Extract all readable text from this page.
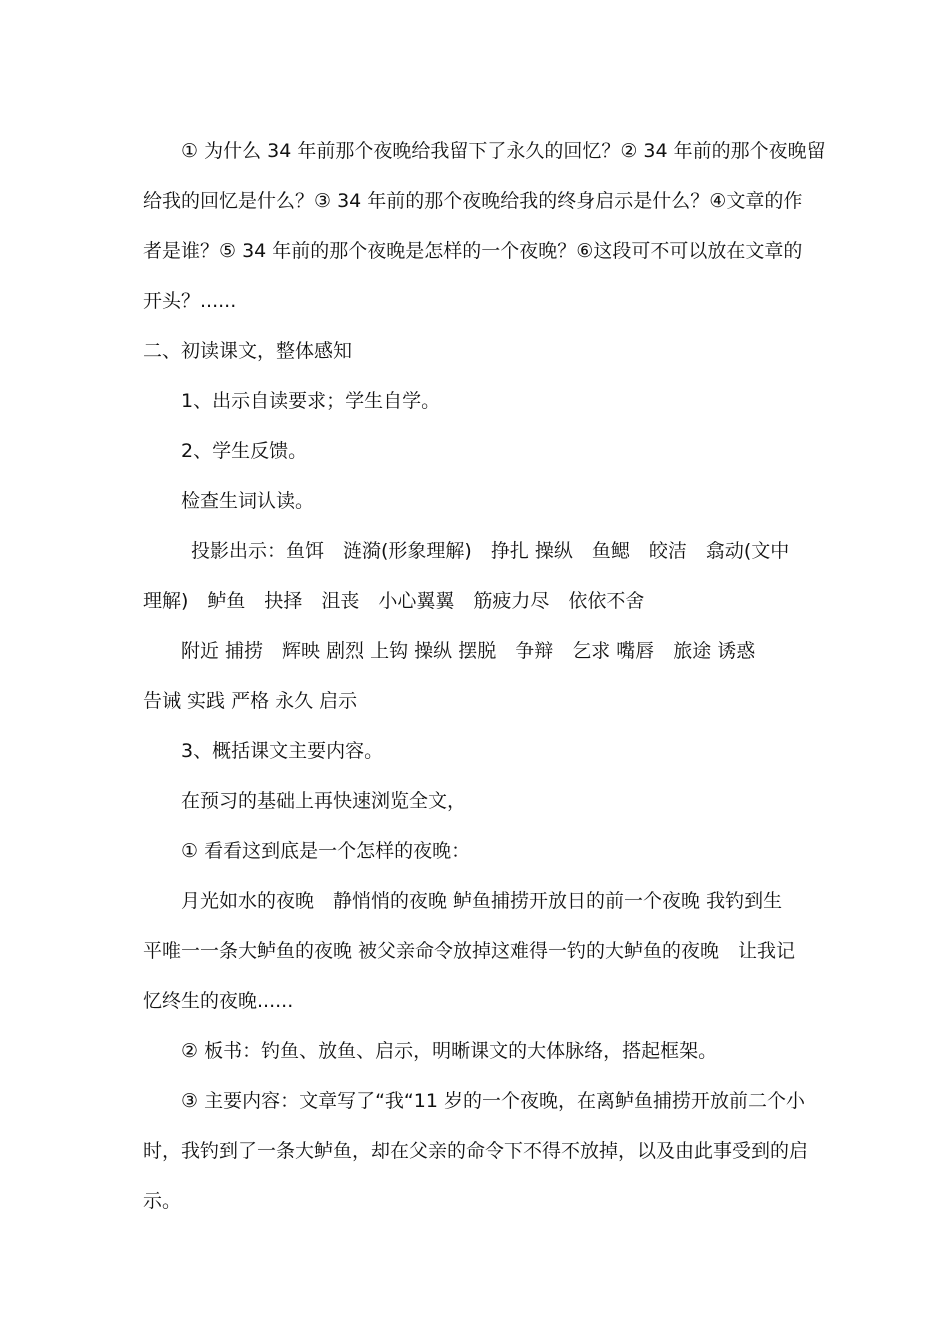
① 为什么 34 年前那个夜晚给我留下了永久的回忆？② 34 年前的那个夜晚留
给我的回忆是什么？③ 34 年前的那个夜晚给我的终身启示是什么？④文章的作
者是谁？⑤ 34 年前的那个夜晚是怎样的一个夜晚？⑥这段可不可以放在文章的
开头？......
二、初读课文，整体感知
1、出示自读要求；学生自学。
2、学生反馈。
检查生词认读。
投影出示：鱼饵　涟漪(形象理解)　挣扎 操纵　鱼鳃　皎洁　翕动(文中
理解)　鲈鱼　抉择　沮丧　小心翼翼　筋疲力尽　依依不舍
附近 捕捞　辉映 剧烈 上钩 操纵 摆脱　争辩　乞求 嘴唇　旅途 诱惑
告诫 实践 严格 永久 启示
3、概括课文主要内容。
在预习的基础上再快速浏览全文，
① 看看这到底是一个怎样的夜晚：
月光如水的夜晚　静悄悄的夜晚 鲈鱼捕捞开放日的前一个夜晚 我钓到生
平唯一一条大鲈鱼的夜晚 被父亲命令放掉这难得一钓的大鲈鱼的夜晚　让我记
忆终生的夜晚......
② 板书：钓鱼、放鱼、启示，明晰课文的大体脉络，搭起框架。
③ 主要内容：文章写了“我“11 岁的一个夜晚，在离鲈鱼捕捞开放前二个小
时，我钓到了一条大鲈鱼，却在父亲的命令下不得不放掉，以及由此事受到的启
示。
